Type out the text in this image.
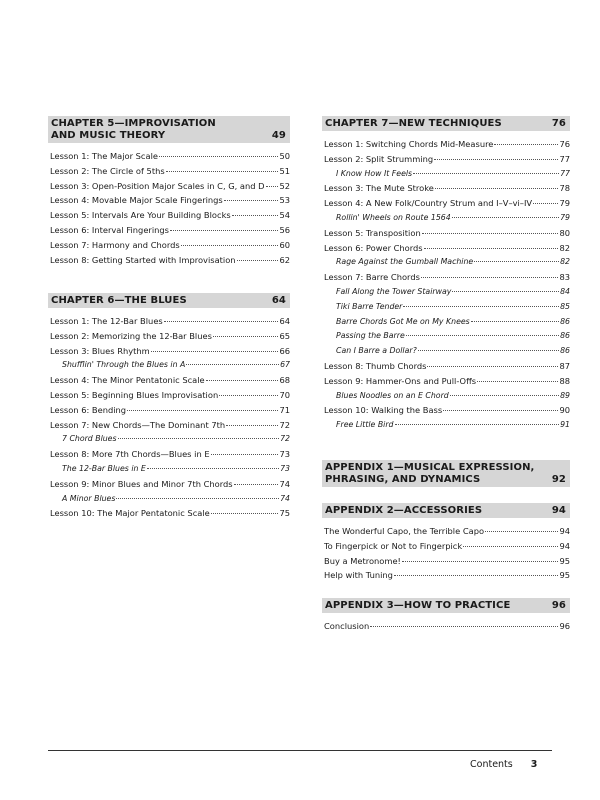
CHAPTER 5—IMPROVISATION
AND MUSIC THEORY	49
Lesson 1: The Major Scale	50
Lesson 2: The Circle of 5ths	51
Lesson 3: Open-Position Major Scales in C, G, and D 52
Lesson 4: Movable Major Scale Fingerings	53
Lesson 5: Intervals Are Your Building Blocks	54
Lesson 6: Interval Fingerings	56
Lesson 7: Harmony and Chords	60
Lesson 8: Getting Started with Improvisation	62
CHAPTER 6—THE BLUES	64
Lesson 1: The 12-Bar Blues	64
Lesson 2: Memorizing the 12-Bar Blues	65
Lesson 3: Blues Rhythm	66
Shufflin' Through the Blues in A	67
Lesson 4: The Minor Pentatonic Scale	68
Lesson 5: Beginning Blues Improvisation	70
Lesson 6: Bending	71
Lesson 7: New Chords—The Dominant 7th	72
7 Chord Blues	72
Lesson 8: More 7th Chords—Blues in E	73
The 12-Bar Blues in E	73
Lesson 9: Minor Blues and Minor 7th Chords	74
A Minor Blues	74
Lesson 10: The Major Pentatonic Scale	75
CHAPTER 7—NEW TECHNIQUES	76
Lesson 1: Switching Chords Mid-Measure	76
Lesson 2: Split Strumming	77
I Know How It Feels	77
Lesson 3: The Mute Stroke	78
Lesson 4: A New Folk/Country Strum and I–V–vi–IV	79
Rollin' Wheels on Route 1564	79
Lesson 5: Transposition	80
Lesson 6: Power Chords	82
Rage Against the Gumball Machine	82
Lesson 7: Barre Chords	83
Fall Along the Tower Stairway	84
Tiki Barre Tender	85
Barre Chords Got Me on My Knees	86
Passing the Barre	86
Can I Barre a Dollar?	86
Lesson 8: Thumb Chords	87
Lesson 9: Hammer-Ons and Pull-Offs	88
Blues Noodles on an E Chord	89
Lesson 10: Walking the Bass	90
Free Little Bird	91
APPENDIX 1—MUSICAL EXPRESSION,
PHRASING, AND DYNAMICS	92
APPENDIX 2—ACCESSORIES	94
The Wonderful Capo, the Terrible Capo	94
To Fingerpick or Not to Fingerpick	94
Buy a Metronome!	95
Help with Tuning	95
APPENDIX 3—HOW TO PRACTICE	96
Conclusion	96
Contents 3
